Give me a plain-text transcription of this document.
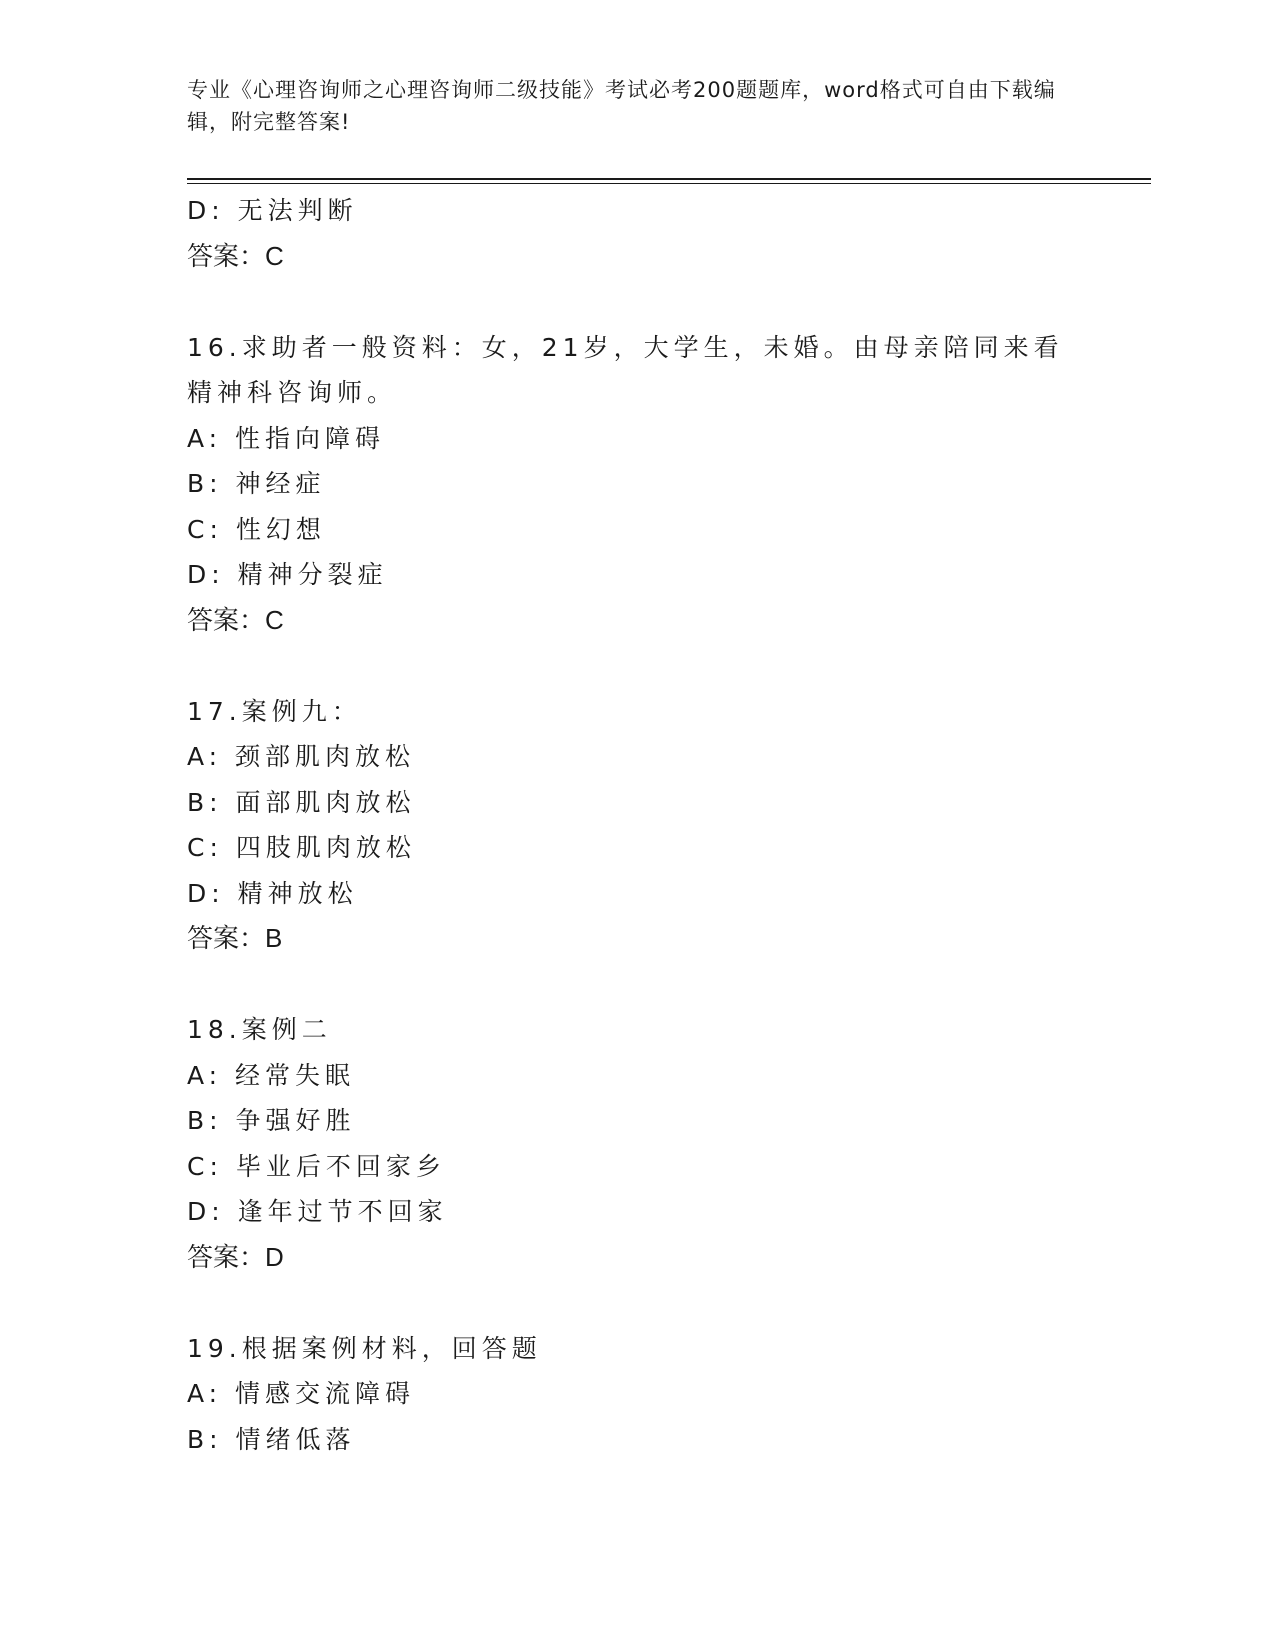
专业《心理咨询师之心理咨询师二级技能》考试必考200题题库，word格式可自由下载编辑，附完整答案!
D: 无法判断
答案：C
16.求助者一般资料：女，21岁，大学生，未婚。由母亲陪同来看精神科咨询师。
A: 性指向障碍
B: 神经症
C: 性幻想
D: 精神分裂症
答案：C
17.案例九：
A: 颈部肌肉放松
B: 面部肌肉放松
C: 四肢肌肉放松
D: 精神放松
答案：B
18.案例二
A: 经常失眠
B: 争强好胜
C: 毕业后不回家乡
D: 逢年过节不回家
答案：D
19.根据案例材料，回答题
A: 情感交流障碍
B: 情绪低落
